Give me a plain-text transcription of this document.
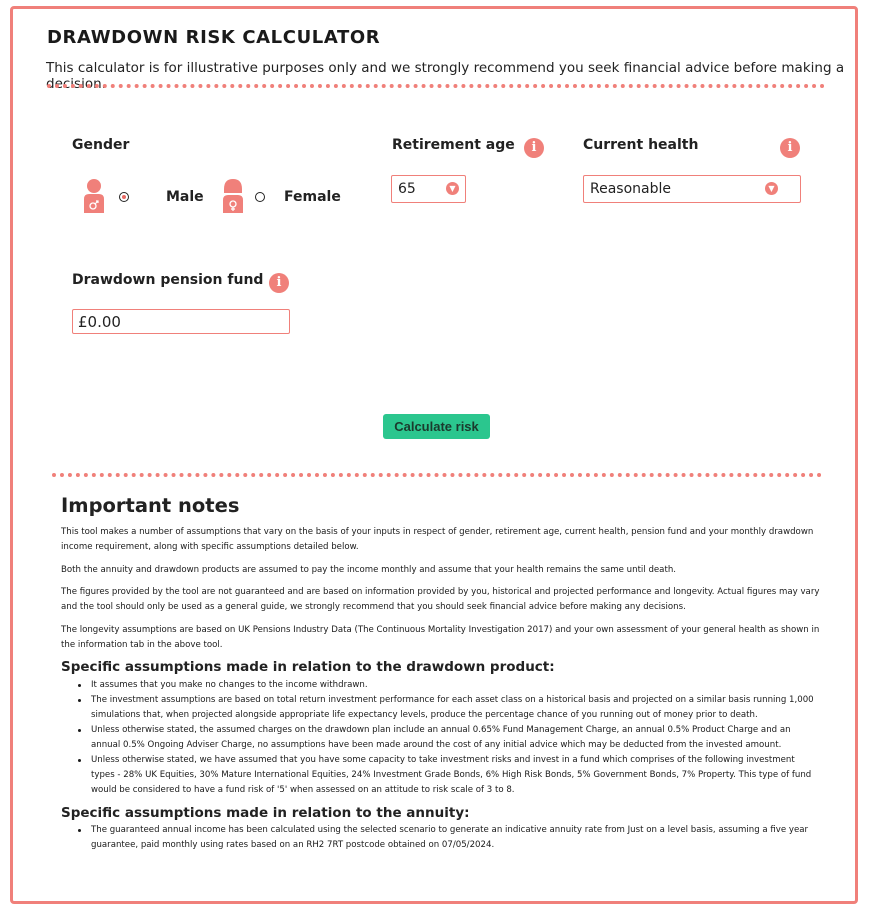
DRAWDOWN RISK CALCULATOR
This calculator is for illustrative purposes only and we strongly recommend you seek financial advice before making a decision.
Gender
Male	Female
Retirement age	i
65	▼
Current health	i
Reasonable	▼
Drawdown pension fund	i
£0.00
Calculate risk
Important notes
This tool makes a number of assumptions that vary on the basis of your inputs in respect of gender, retirement age, current health, pension fund and your monthly drawdown income requirement, along with specific assumptions detailed below.
Both the annuity and drawdown products are assumed to pay the income monthly and assume that your health remains the same until death.
The figures provided by the tool are not guaranteed and are based on information provided by you, historical and projected performance and longevity. Actual figures may vary and the tool should only be used as a general guide, we strongly recommend that you should seek financial advice before making any decisions.
The longevity assumptions are based on UK Pensions Industry Data (The Continuous Mortality Investigation 2017) and your own assessment of your general health as shown in the information tab in the above tool.
Specific assumptions made in relation to the drawdown product:
It assumes that you make no changes to the income withdrawn.
The investment assumptions are based on total return investment performance for each asset class on a historical basis and projected on a similar basis running 1,000 simulations that, when projected alongside appropriate life expectancy levels, produce the percentage chance of you running out of money prior to death.
Unless otherwise stated, the assumed charges on the drawdown plan include an annual 0.65% Fund Management Charge, an annual 0.5% Product Charge and an annual 0.5% Ongoing Adviser Charge, no assumptions have been made around the cost of any initial advice which may be deducted from the invested amount.
Unless otherwise stated, we have assumed that you have some capacity to take investment risks and invest in a fund which comprises of the following investment types - 28% UK Equities, 30% Mature International Equities, 24% Investment Grade Bonds, 6% High Risk Bonds, 5% Government Bonds, 7% Property. This type of fund would be considered to have a fund risk of '5' when assessed on an attitude to risk scale of 3 to 8.
Specific assumptions made in relation to the annuity:
The guaranteed annual income has been calculated using the selected scenario to generate an indicative annuity rate from Just on a level basis, assuming a five year guarantee, paid monthly using rates based on an RH2 7RT postcode obtained on 07/05/2024.
